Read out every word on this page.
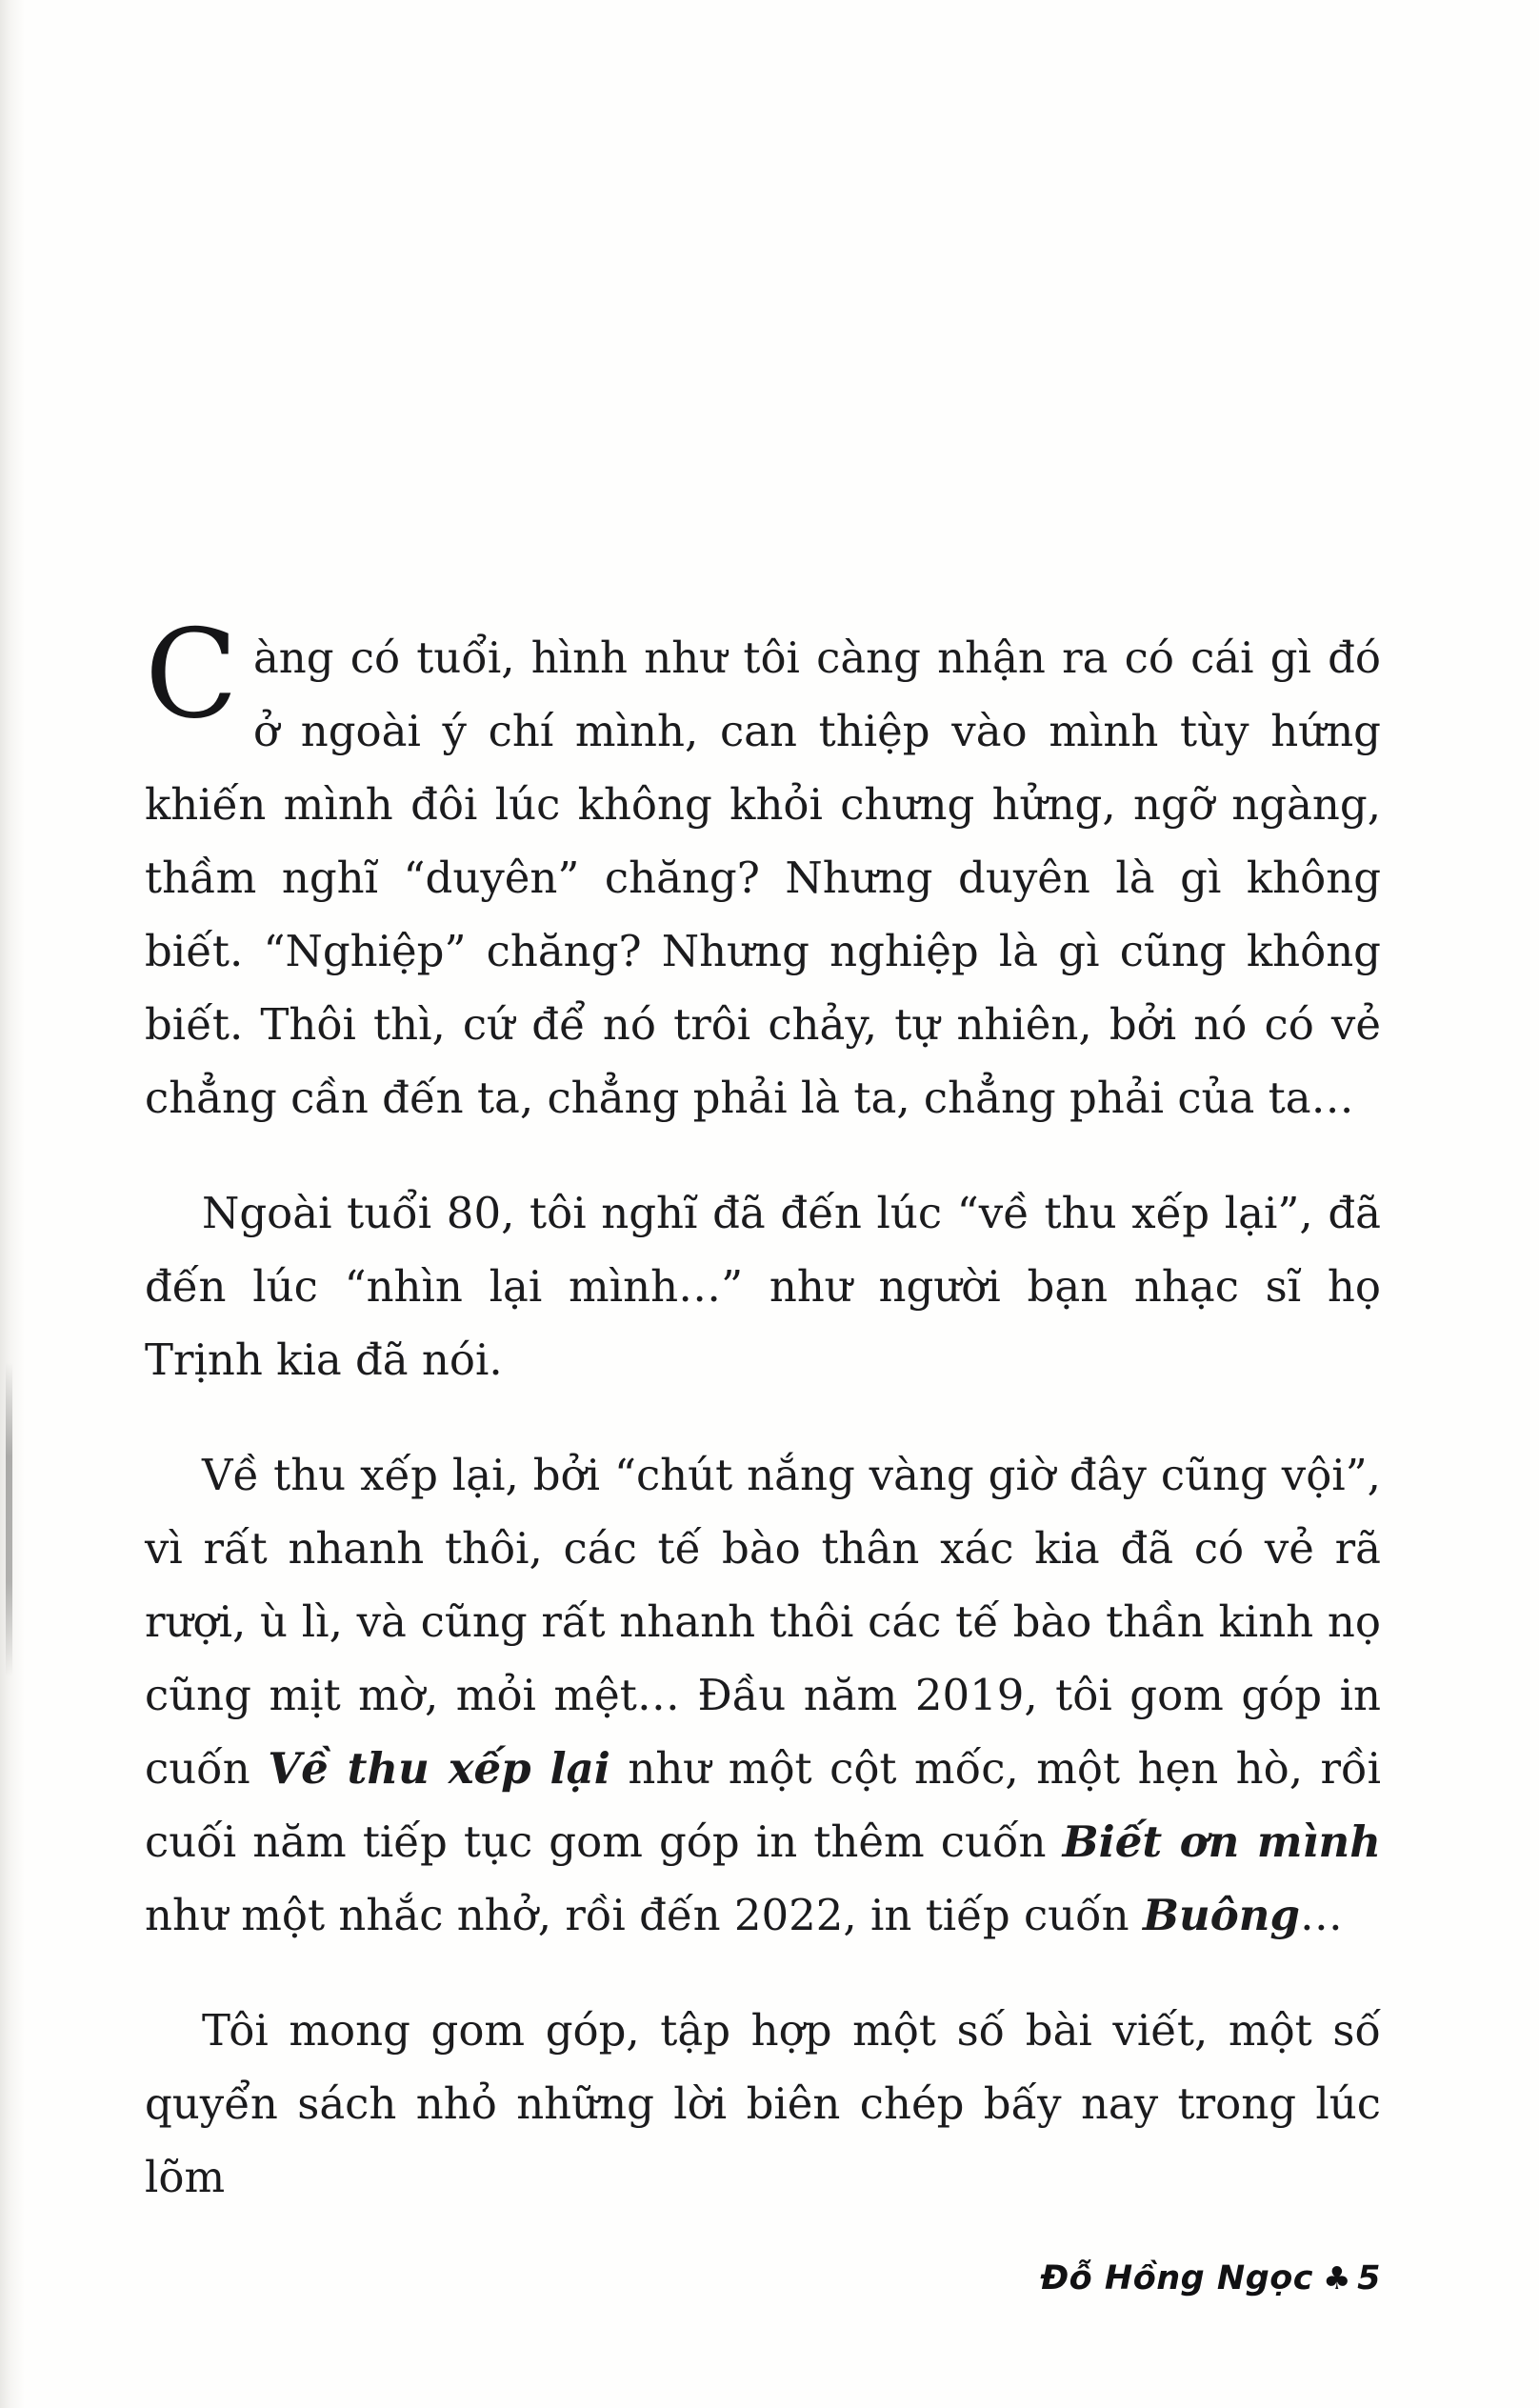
Càng có tuổi, hình như tôi càng nhận ra có cái gì đó ở ngoài ý chí mình, can thiệp vào mình tùy hứng khiến mình đôi lúc không khỏi chưng hửng, ngỡ ngàng, thầm nghĩ “duyên” chăng? Nhưng duyên là gì không biết. “Nghiệp” chăng? Nhưng nghiệp là gì cũng không biết. Thôi thì, cứ để nó trôi chảy, tự nhiên, bởi nó có vẻ chẳng cần đến ta, chẳng phải là ta, chẳng phải của ta…

Ngoài tuổi 80, tôi nghĩ đã đến lúc “về thu xếp lại”, đã đến lúc “nhìn lại mình…” như người bạn nhạc sĩ họ Trịnh kia đã nói.

Về thu xếp lại, bởi “chút nắng vàng giờ đây cũng vội”, vì rất nhanh thôi, các tế bào thân xác kia đã có vẻ rã rượi, ù lì, và cũng rất nhanh thôi các tế bào thần kinh nọ cũng mịt mờ, mỏi mệt… Đầu năm 2019, tôi gom góp in cuốn Về thu xếp lại như một cột mốc, một hẹn hò, rồi cuối năm tiếp tục gom góp in thêm cuốn Biết ơn mình như một nhắc nhở, rồi đến 2022, in tiếp cuốn Buông…

Tôi mong gom góp, tập hợp một số bài viết, một số quyển sách nhỏ những lời biên chép bấy nay trong lúc lõm

Đỗ Hồng Ngọc ♣ 5
